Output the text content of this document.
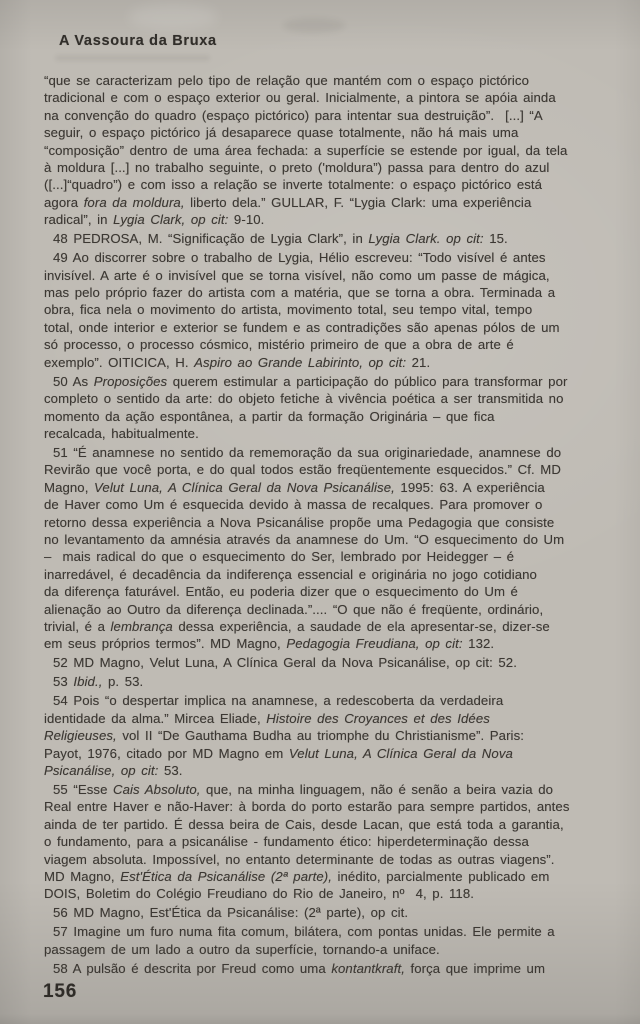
A Vassoura da Bruxa
“que se caracterizam pelo tipo de relação que mantém com o espaço pictórico
tradicional e com o espaço exterior ou geral. Inicialmente, a pintora se apóia ainda
na convenção do quadro (espaço pictórico) para intentar sua destruição”.  [...] “A
seguir, o espaço pictórico já desaparece quase totalmente, não há mais uma
“composição” dentro de uma área fechada: a superfície se estende por igual, da tela
à moldura [...] no trabalho seguinte, o preto ('moldura”) passa para dentro do azul
([...]“quadro”) e com isso a relação se inverte totalmente: o espaço pictórico está
agora fora da moldura, liberto dela.” GULLAR, F. “Lygia Clark: uma experiência
radical”, in Lygia Clark, op cit: 9-10.
48 PEDROSA, M. “Significação de Lygia Clark”, in Lygia Clark. op cit: 15.
49 Ao discorrer sobre o trabalho de Lygia, Hélio escreveu: “Todo visível é antes
invisível. A arte é o invisível que se torna visível, não como um passe de mágica,
mas pelo próprio fazer do artista com a matéria, que se torna a obra. Terminada a
obra, fica nela o movimento do artista, movimento total, seu tempo vital, tempo
total, onde interior e exterior se fundem e as contradições são apenas pólos de um
só processo, o processo cósmico, mistério primeiro de que a obra de arte é
exemplo”. OITICICA, H. Aspiro ao Grande Labirinto, op cit: 21.
50 As Proposições querem estimular a participação do público para transformar por
completo o sentido da arte: do objeto fetiche à vivência poética a ser transmitida no
momento da ação espontânea, a partir da formação Originária – que fica
recalcada, habitualmente.
51 “É anamnese no sentido da rememoração da sua originariedade, anamnese do
Revirão que você porta, e do qual todos estão freqüentemente esquecidos.” Cf. MD
Magno, Velut Luna, A Clínica Geral da Nova Psicanálise, 1995: 63. A experiência
de Haver como Um é esquecida devido à massa de recalques. Para promover o
retorno dessa experiência a Nova Psicanálise propõe uma Pedagogia que consiste
no levantamento da amnésia através da anamnese do Um. “O esquecimento do Um
–  mais radical do que o esquecimento do Ser, lembrado por Heidegger – é
inarredável, é decadência da indiferença essencial e originária no jogo cotidiano
da diferença faturável. Então, eu poderia dizer que o esquecimento do Um é
alienação ao Outro da diferença declinada.”.... “O que não é freqüente, ordinário,
trivial, é a lembrança dessa experiência, a saudade de ela apresentar-se, dizer-se
em seus próprios termos”. MD Magno, Pedagogia Freudiana, op cit: 132.
52 MD Magno, Velut Luna, A Clínica Geral da Nova Psicanálise, op cit: 52.
53 Ibid., p. 53.
54 Pois “o despertar implica na anamnese, a redescoberta da verdadeira
identidade da alma.” Mircea Eliade, Histoire des Croyances et des Idées
Religieuses, vol II “De Gauthama Budha au triomphe du Christianisme”. Paris:
Payot, 1976, citado por MD Magno em Velut Luna, A Clínica Geral da Nova
Psicanálise, op cit: 53.
55 “Esse Cais Absoluto, que, na minha linguagem, não é senão a beira vazia do
Real entre Haver e não-Haver: à borda do porto estarão para sempre partidos, antes
ainda de ter partido. É dessa beira de Cais, desde Lacan, que está toda a garantia,
o fundamento, para a psicanálise - fundamento ético: hiperdeterminação dessa
viagem absoluta. Impossível, no entanto determinante de todas as outras viagens”.
MD Magno, Est'Ética da Psicanálise (2ª parte), inédito, parcialmente publicado em
DOIS, Boletim do Colégio Freudiano do Rio de Janeiro, nº  4, p. 118.
56 MD Magno, Est'Ética da Psicanálise: (2ª parte), op cit.
57 Imagine um furo numa fita comum, bilátera, com pontas unidas. Ele permite a
passagem de um lado a outro da superfície, tornando-a uniface.
58 A pulsão é descrita por Freud como uma kontantkraft, força que imprime um
156
